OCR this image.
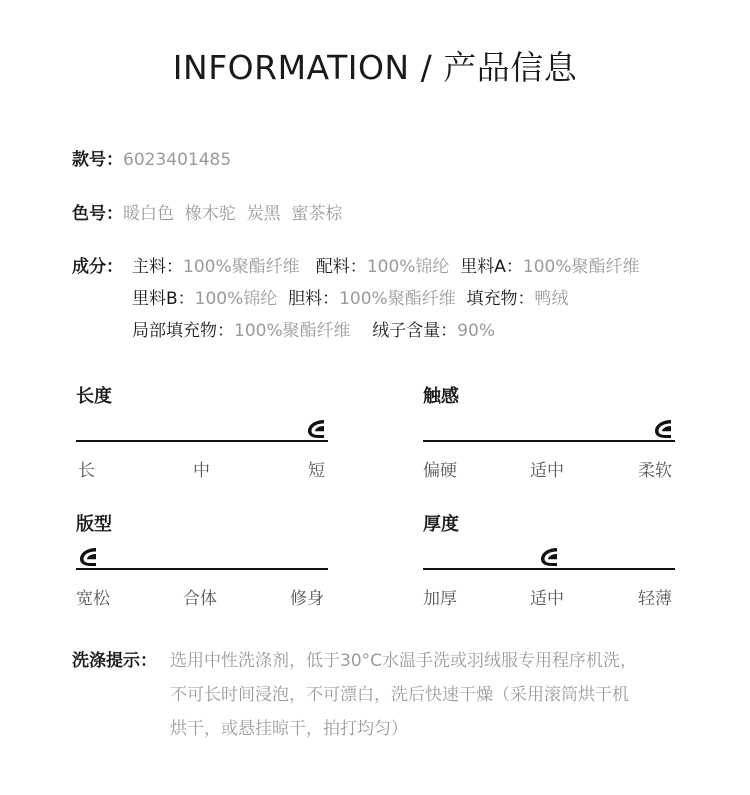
INFORMATION / 产品信息
款号：6023401485
色号：暖白色  橡木驼  炭黑  蜜茶棕
成分： 主料：100%聚酯纤维   配料：100%锦纶  里料A：100%聚酯纤维
里料B：100%锦纶  胆料：100%聚酯纤维  填充物：鸭绒
局部填充物：100%聚酯纤维    绒子含量：90%
长度
长	中	短
触感
偏硬	适中	柔软
版型
宽松	合体	修身
厚度
加厚	适中	轻薄
洗涤提示： 选用中性洗涤剂，低于30°C水温手洗或羽绒服专用程序机洗，
不可长时间浸泡，不可漂白，洗后快速干燥（采用滚筒烘干机
烘干，或悬挂晾干，拍打均匀）
